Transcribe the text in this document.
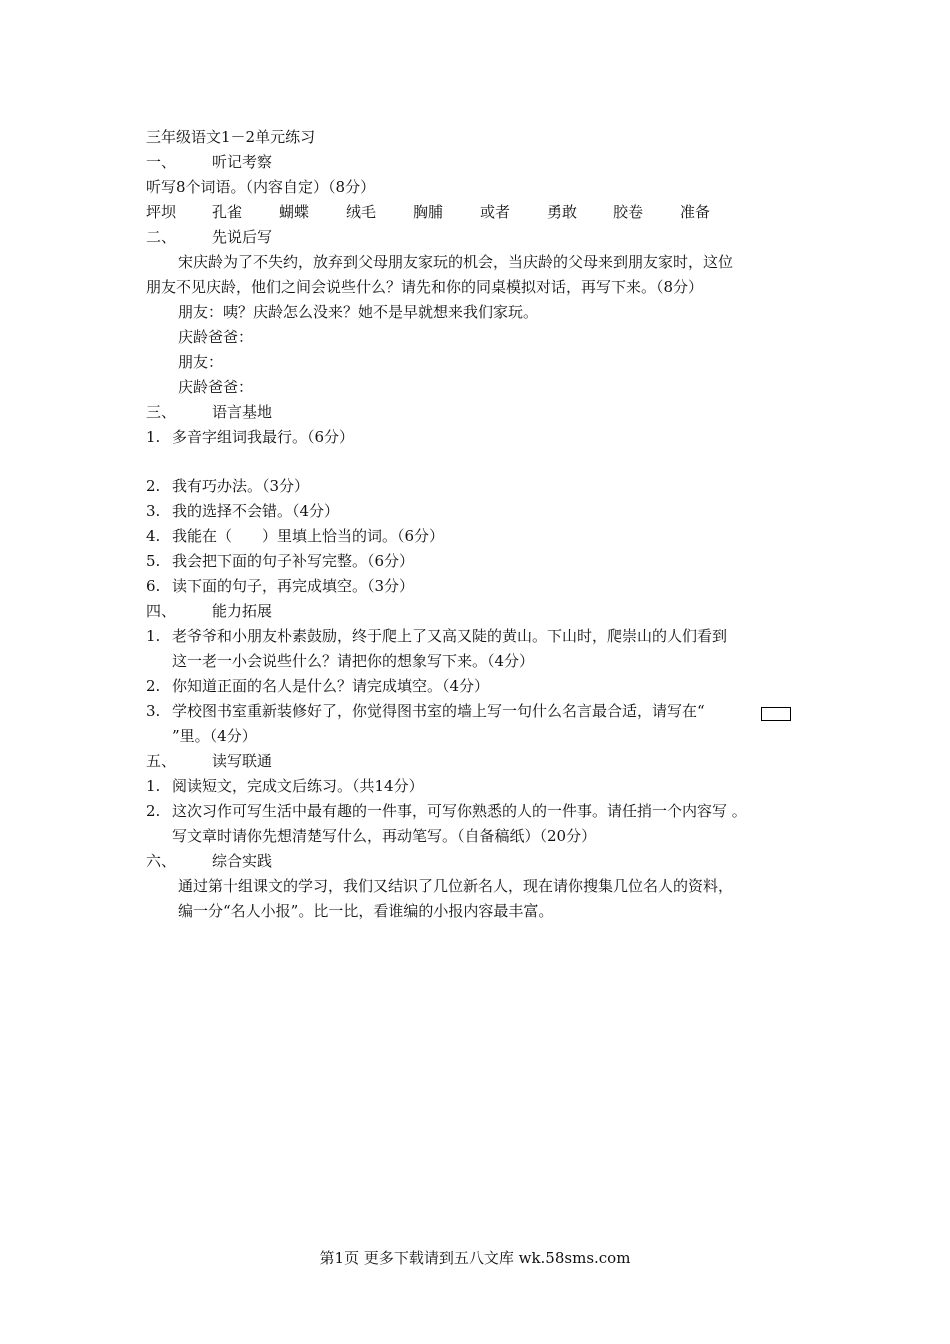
三年级语文1－2单元练习
一、 听记考察
听写8个词语。（内容自定）（8分）
坪坝 孔雀 蝴蝶 绒毛 胸脯 或者 勇敢 胶卷 准备
二、 先说后写
宋庆龄为了不失约，放弃到父母朋友家玩的机会，当庆龄的父母来到朋友家时，这位
朋友不见庆龄，他们之间会说些什么？请先和你的同桌模拟对话，再写下来。（8分）
朋友：咦？庆龄怎么没来？她不是早就想来我们家玩。
庆龄爸爸：
朋友：
庆龄爸爸：
三、 语言基地
1. 多音字组词我最行。（6分）
2. 我有巧办法。（3分）
3. 我的选择不会错。（4分）
4. 我能在（　　）里填上恰当的词。（6分）
5. 我会把下面的句子补写完整。（6分）
6. 读下面的句子，再完成填空。（3分）
四、 能力拓展
1. 老爷爷和小朋友朴素鼓励，终于爬上了又高又陡的黄山。下山时，爬崇山的人们看到
这一老一小会说些什么？请把你的想象写下来。（4分）
2. 你知道正面的名人是什么？请完成填空。（4分）
3. 学校图书室重新装修好了，你觉得图书室的墙上写一句什么名言最合适，请写在“
”里。（4分）
五、 读写联通
1. 阅读短文，完成文后练习。（共14分）
2. 这次习作可写生活中最有趣的一件事，可写你熟悉的人的一件事。请任捎一个内容写 。
写文章时请你先想清楚写什么，再动笔写。（自备稿纸）（20分）
六、 综合实践
通过第十组课文的学习，我们又结识了几位新名人，现在请你搜集几位名人的资料，
编一分“名人小报”。比一比，看谁编的小报内容最丰富。
第1页 更多下载请到五八文库 wk.58sms.com
